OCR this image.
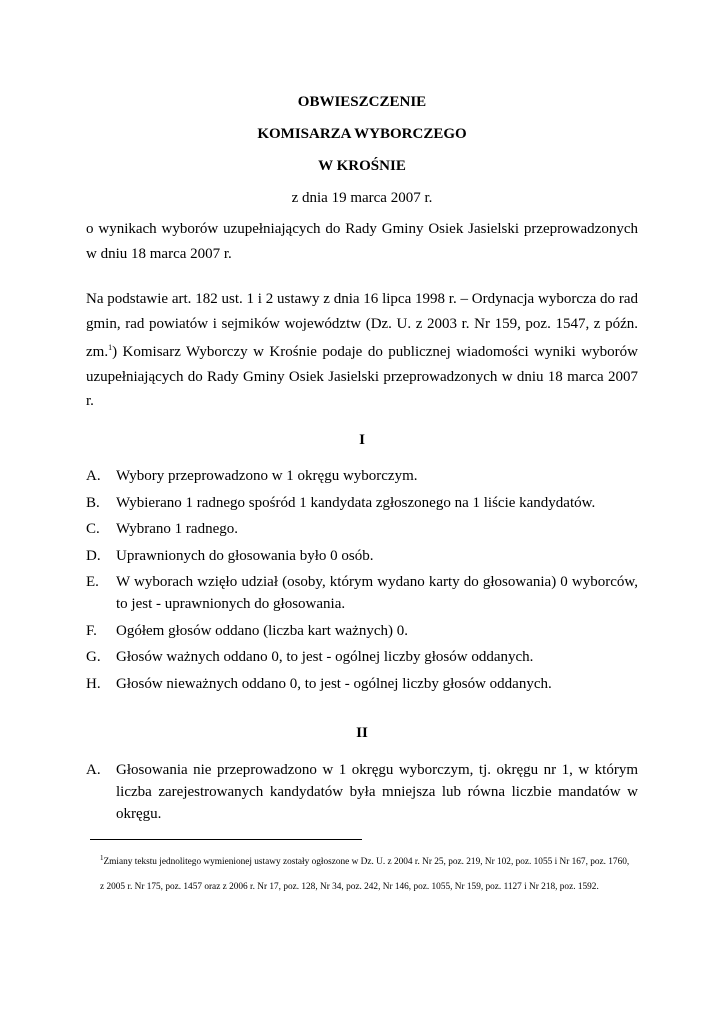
OBWIESZCZENIE
KOMISARZA WYBORCZEGO
W KROŚNIE
z dnia 19 marca 2007 r.
o wynikach wyborów uzupełniających do Rady Gminy Osiek Jasielski przeprowadzonych w dniu 18 marca 2007 r.
Na podstawie art. 182 ust. 1 i 2 ustawy z dnia 16 lipca 1998 r. – Ordynacja wyborcza do rad gmin, rad powiatów i sejmików województw (Dz. U. z 2003 r. Nr 159, poz. 1547, z późn. zm.$^1$) Komisarz Wyborczy w Krośnie podaje do publicznej wiadomości wyniki wyborów uzupełniających do Rady Gminy Osiek Jasielski przeprowadzonych w dniu 18 marca 2007 r.
I
A. Wybory przeprowadzono w 1 okręgu wyborczym.
B. Wybierano 1 radnego spośród 1 kandydata zgłoszonego na 1 liście kandydatów.
C. Wybrano 1 radnego.
D. Uprawnionych do głosowania było 0 osób.
E. W wyborach wzięło udział (osoby, którym wydano karty do głosowania) 0 wyborców, to jest - uprawnionych do głosowania.
F. Ogółem głosów oddano (liczba kart ważnych) 0.
G. Głosów ważnych oddano 0, to jest - ogólnej liczby głosów oddanych.
H. Głosów nieważnych oddano 0, to jest - ogólnej liczby głosów oddanych.
II
A. Głosowania nie przeprowadzono w 1 okręgu wyborczym, tj. okręgu nr 1, w którym liczba zarejestrowanych kandydatów była mniejsza lub równa liczbie mandatów w okręgu.
$^1$Zmiany tekstu jednolitego wymienionej ustawy zostały ogłoszone w Dz. U. z 2004 r. Nr 25, poz. 219, Nr 102, poz. 1055 i Nr 167, poz. 1760, z 2005 r. Nr 175, poz. 1457 oraz z 2006 r. Nr 17, poz. 128, Nr 34, poz. 242, Nr 146, poz. 1055, Nr 159, poz. 1127 i Nr 218, poz. 1592.
